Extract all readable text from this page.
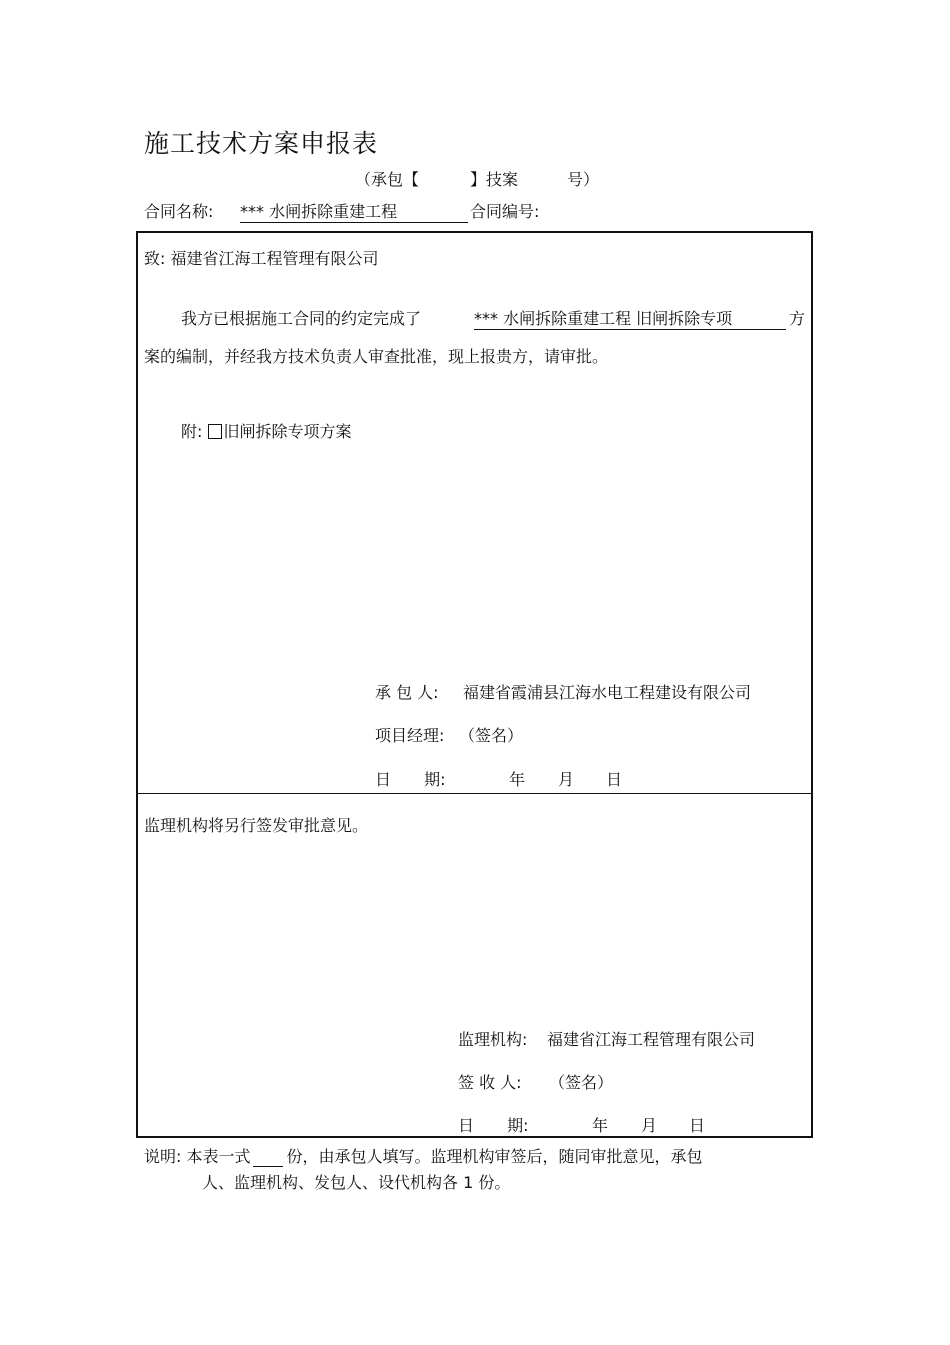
施工技术方案申报表
（承包【	】技案	号）
合同名称: *** 水闸拆除重建工程	合同编号:
致: 福建省江海工程管理有限公司
我方已根据施工合同的约定完成了	*** 水闸拆除重建工程 旧闸拆除专项	方
案的编制，并经我方技术负责人审查批准，现上报贵方，请审批。
附: 旧闸拆除专项方案
承 包 人: 福建省霞浦县江海水电工程建设有限公司
项目经理: （签名）
日 期:	年 月 日
监理机构将另行签发审批意见。
监理机构: 福建省江海工程管理有限公司
签 收 人: （签名）
日 期:	年 月 日
说明: 本表一式 份，由承包人填写。监理机构审签后，随同审批意见，承包
人、监理机构、发包人、设代机构各 1 份。
